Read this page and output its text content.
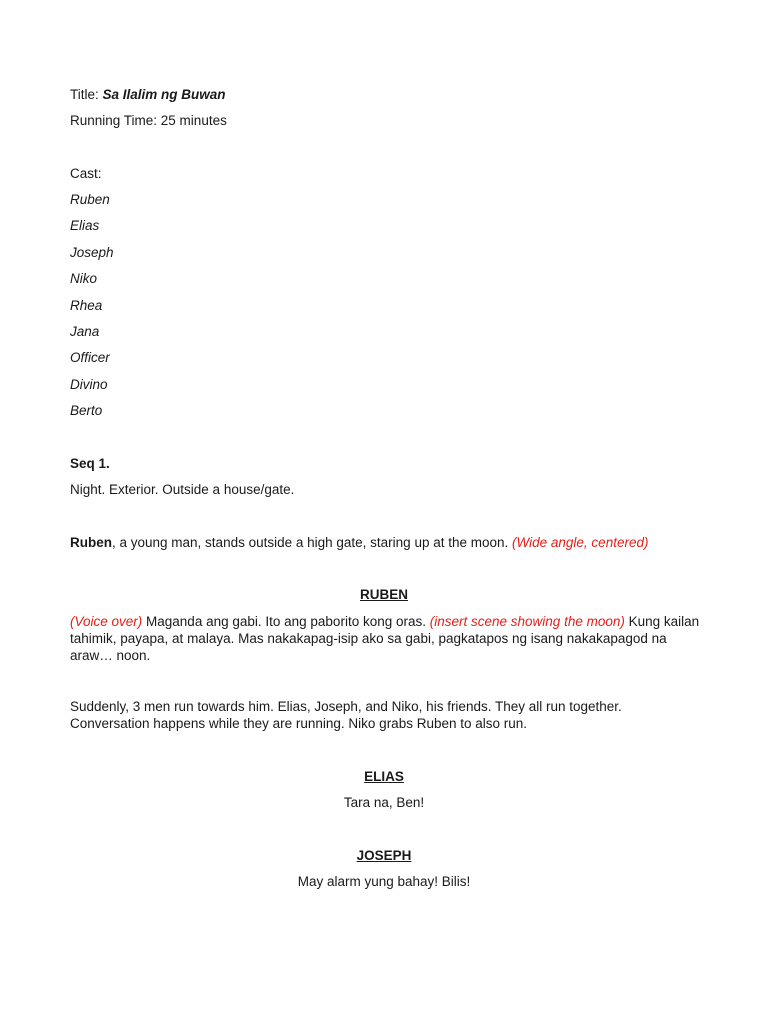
Title: Sa Ilalim ng Buwan
Running Time: 25 minutes
Cast:
Ruben
Elias
Joseph
Niko
Rhea
Jana
Officer
Divino
Berto
Seq 1.
Night. Exterior. Outside a house/gate.
Ruben, a young man, stands outside a high gate, staring up at the moon. (Wide angle, centered)
RUBEN
(Voice over) Maganda ang gabi. Ito ang paborito kong oras. (insert scene showing the moon) Kung kailan tahimik, payapa, at malaya. Mas nakakapag-isip ako sa gabi, pagkatapos ng isang nakakapagod na araw… noon.
Suddenly, 3 men run towards him. Elias, Joseph, and Niko, his friends. They all run together. Conversation happens while they are running. Niko grabs Ruben to also run.
ELIAS
Tara na, Ben!
JOSEPH
May alarm yung bahay! Bilis!
